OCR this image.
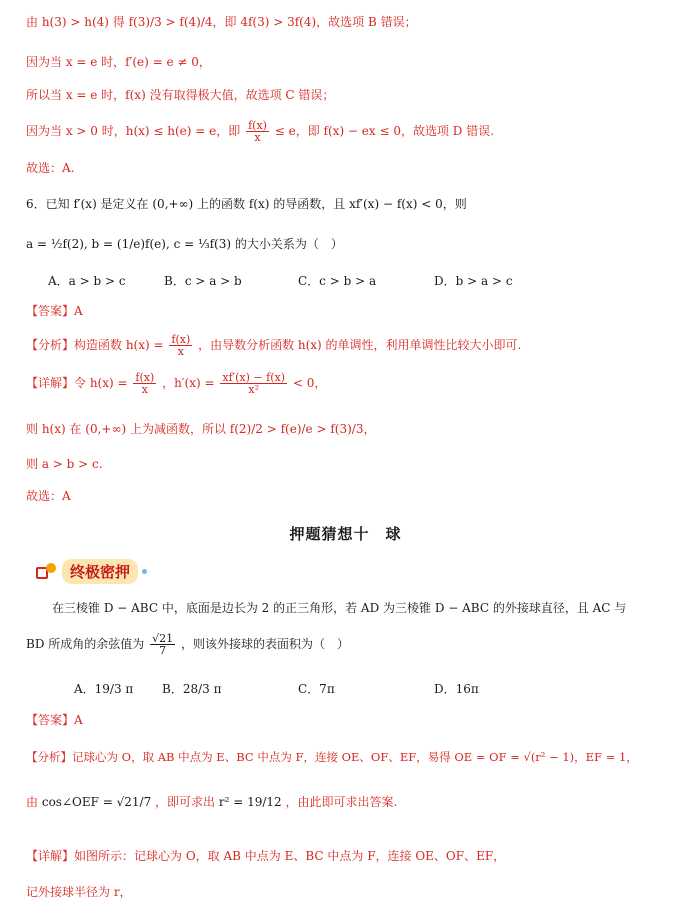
由 h(3) > h(4) 得 f(3)/3 > f(4)/4，即 4f(3) > 3f(4)，故选项 B 错误；
因为当 x = e 时，f′(e) = e ≠ 0，
所以当 x = e 时，f(x) 没有取得极大值，故选项 C 错误；
因为当 x > 0 时，h(x) ≤ h(e) = e，即 $\frac{f(x)}{x} \le e$，即 f(x) − ex ≤ 0，故选项 D 错误.
故选：A.
6．已知 f′(x) 是定义在 (0,+∞) 上的函数 f(x) 的导函数，且 xf′(x) − f(x) < 0，则
a = ½f(2), b = (1/e)f(e), c = ⅓f(3) 的大小关系为（　）
A．a > b > c	B．c > a > b	C．c > b > a	D．b > a > c
【答案】A
【分析】构造函数 $h(x) = \frac{f(x)}{x}$ ，由导数分析函数 h(x) 的单调性，利用单调性比较大小即可.
【详解】令 $h(x) = \frac{f(x)}{x}$ ，$h'(x) = \frac{xf'(x) - f(x)}{\text{x²}} < 0$，
则 h(x) 在 (0,+∞) 上为减函数，所以 f(2)/2 > f(e)/e > f(3)/3，
则 a > b > c.
故选：A
押题猜想十　球
终极密押
在三棱锥 D − ABC 中，底面是边长为 2 的正三角形，若 AD 为三棱锥 D − ABC 的外接球直径，且 AC 与
BD 所成角的余弦值为 $\frac{√21}{7}$ ，则该外接球的表面积为（　）
A．19/3 π B．28/3 π	C．7π	D．16π
【答案】A
【分析】记球心为 O，取 AB 中点为 E、BC 中点为 F，连接 OE、OF、EF，易得 OE = OF = √(r² − 1)，EF = 1，
由 cos∠OEF = √21/7 ，即可求出 r² = 19/12 ，由此即可求出答案.
【详解】如图所示：记球心为 O，取 AB 中点为 E、BC 中点为 F，连接 OE、OF、EF，
记外接球半径为 r，
